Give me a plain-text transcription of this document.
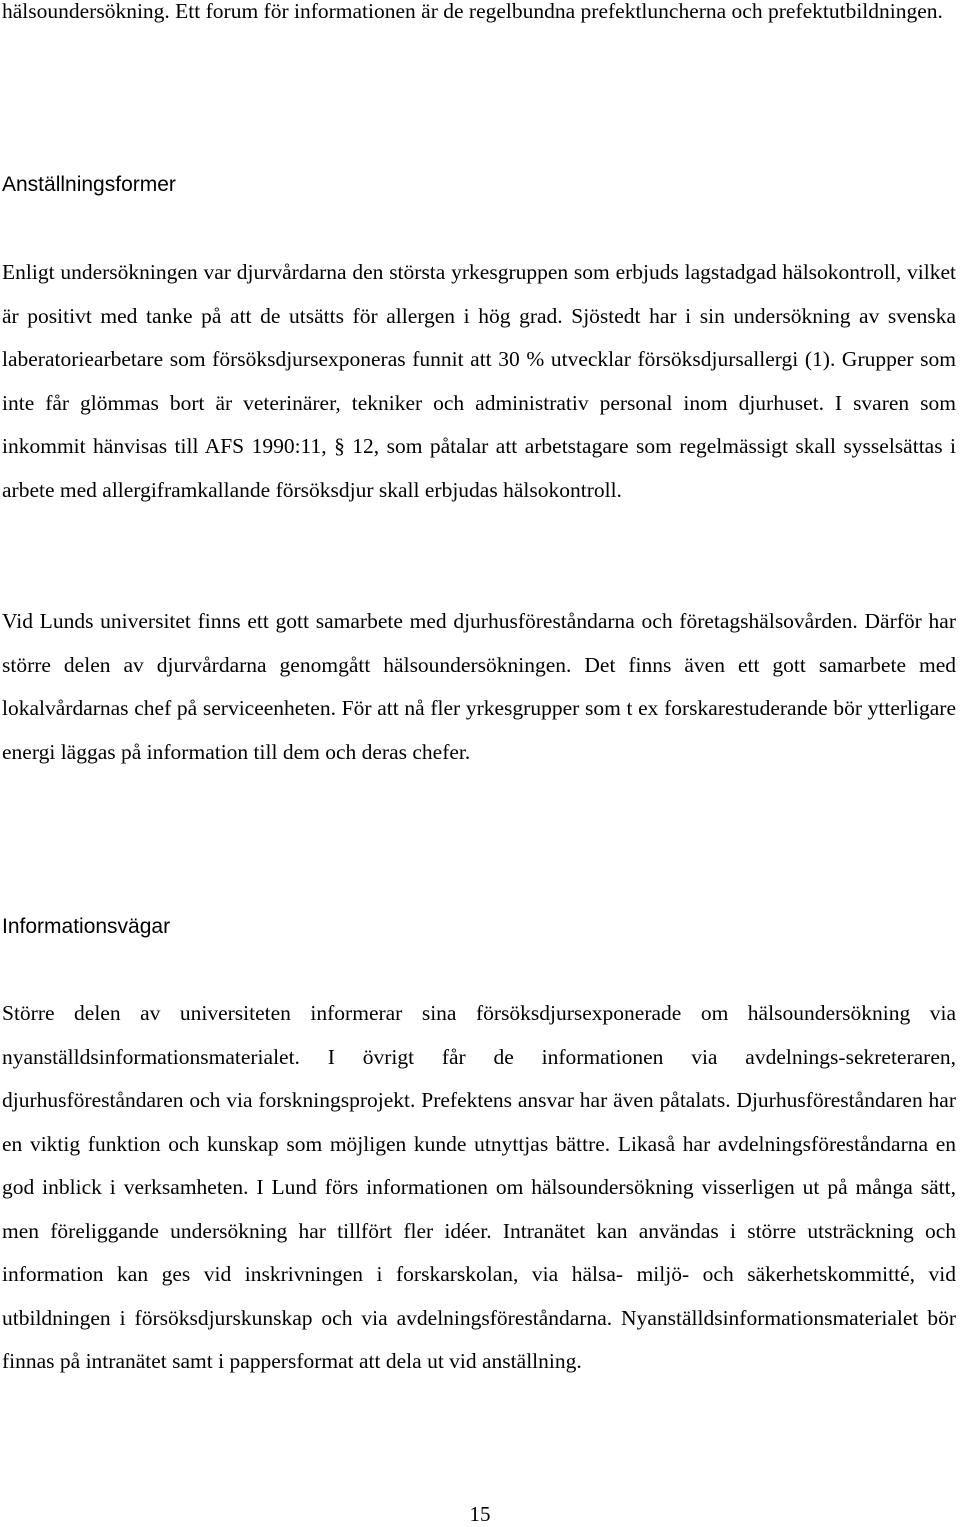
hälsoundersökning. Ett forum för informationen är de regelbundna prefektluncherna och prefektutbildningen.

Anställningsformer

Enligt undersökningen var djurvårdarna den största yrkesgruppen som erbjuds lagstadgad hälsokontroll, vilket är positivt med tanke på att de utsätts för allergen i hög grad. Sjöstedt har i sin undersökning av svenska laberatoriearbetare som försöksdjursexponeras funnit att 30 % utvecklar försöksdjursallergi (1). Grupper som inte får glömmas bort är veterinärer, tekniker och administrativ personal inom djurhuset. I svaren som inkommit hänvisas till AFS 1990:11, § 12, som påtalar att arbetstagare som regelmässigt skall sysselsättas i arbete med allergiframkallande försöksdjur skall erbjudas hälsokontroll.

Vid Lunds universitet finns ett gott samarbete med djurhusföreståndarna och företagshälsovården. Därför har större delen av djurvårdarna genomgått hälsoundersökningen. Det finns även ett gott samarbete med lokalvårdarnas chef på serviceenheten. För att nå fler yrkesgrupper som t ex forskarestuderande bör ytterligare energi läggas på information till dem och deras chefer.

Informationsvägar

Större delen av universiteten informerar sina försöksdjursexponerade om hälsoundersökning via nyanställdsinformationsmaterialet. I övrigt får de informationen via avdelnings-sekreteraren, djurhusföreståndaren och via forskningsprojekt. Prefektens ansvar har även påtalats. Djurhusföreståndaren har en viktig funktion och kunskap som möjligen kunde utnyttjas bättre. Likaså har avdelningsföreståndarna en god inblick i verksamheten. I Lund förs informationen om hälsoundersökning visserligen ut på många sätt, men föreliggande undersökning har tillfört fler idéer. Intranätet kan användas i större utsträckning och information kan ges vid inskrivningen i forskarskolan, via hälsa- miljö- och säkerhetskommitté, vid utbildningen i försöksdjurskunskap och via avdelningsföreståndarna. Nyanställdsinformationsmaterialet bör finnas på intranätet samt i pappersformat att dela ut vid anställning.

15
